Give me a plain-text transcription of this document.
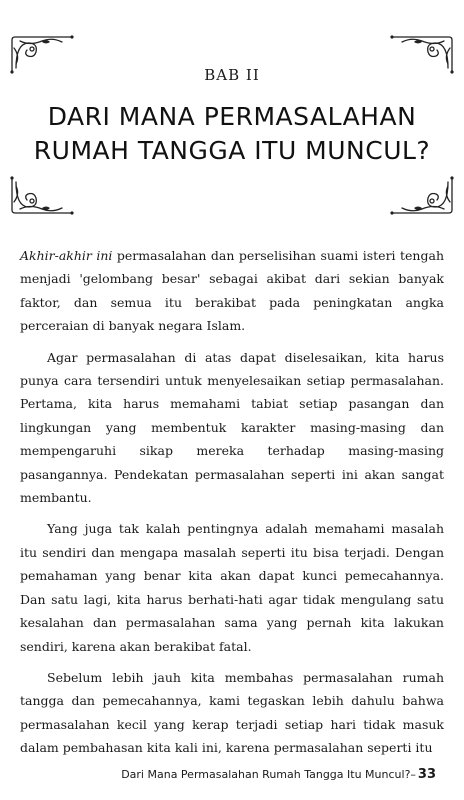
BAB II
DARI MANA PERMASALAHAN
RUMAH TANGGA ITU MUNCUL?

Akhir-akhir ini permasalahan dan perselisihan suami isteri tengah menjadi 'gelombang besar' sebagai akibat dari sekian banyak faktor, dan semua itu berakibat pada peningkatan angka perceraian di banyak negara Islam.

Agar permasalahan di atas dapat diselesaikan, kita harus punya cara tersendiri untuk menyelesaikan setiap permasalahan. Pertama, kita harus memahami tabiat setiap pasangan dan lingkungan yang membentuk karakter masing-masing dan mempengaruhi sikap mereka terhadap masing-masing pasangannya. Pendekatan permasalahan seperti ini akan sangat membantu.

Yang juga tak kalah pentingnya adalah memahami masalah itu sendiri dan mengapa masalah seperti itu bisa terjadi. Dengan pemahaman yang benar kita akan dapat kunci pemecahannya. Dan satu lagi, kita harus berhati-hati agar tidak mengulang satu kesalahan dan permasalahan sama yang pernah kita lakukan sendiri, karena akan berakibat fatal.

Sebelum lebih jauh kita membahas permasalahan rumah tangga dan pemecahannya, kami tegaskan lebih dahulu bahwa permasalahan kecil yang kerap terjadi setiap hari tidak masuk dalam pembahasan kita kali ini, karena permasalahan seperti itu

Dari Mana Permasalahan Rumah Tangga Itu Muncul?– 33
